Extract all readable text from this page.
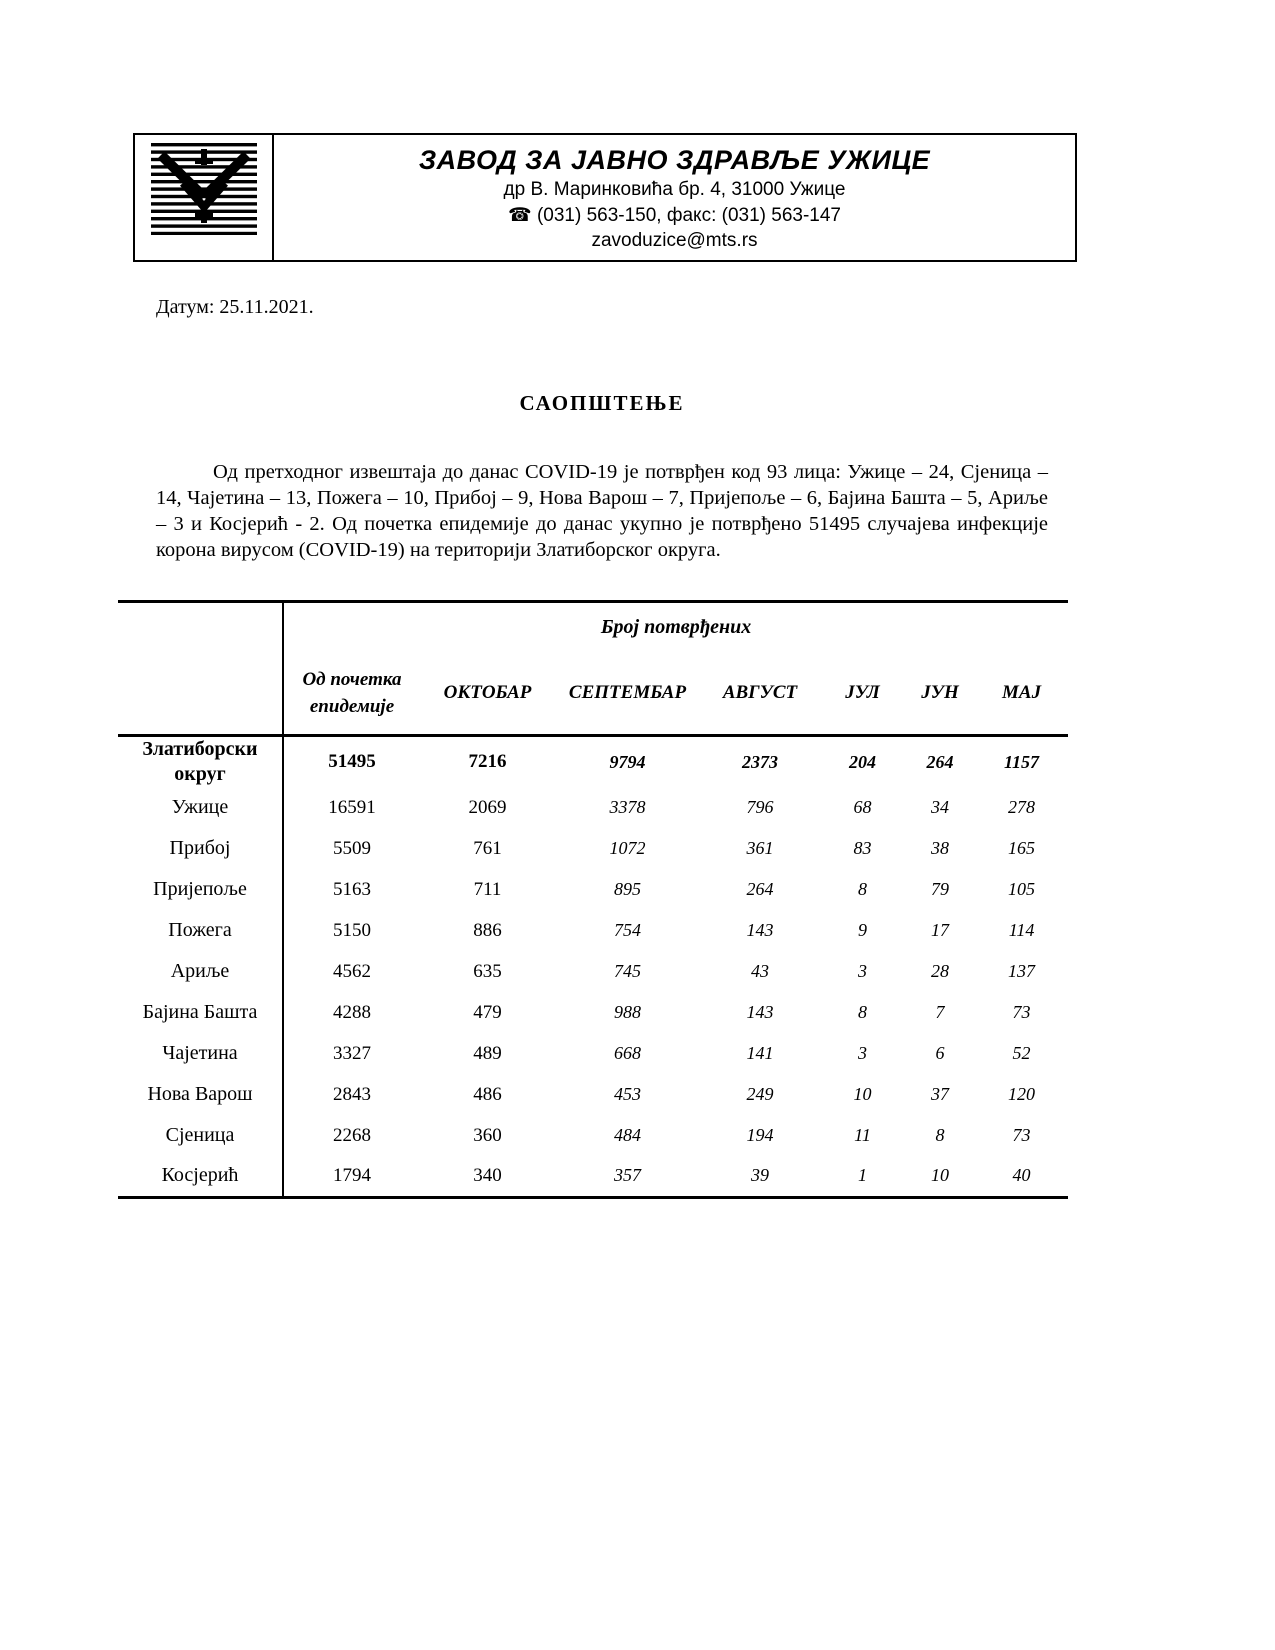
ЗАВОД ЗА ЈАВНО ЗДРАВЉЕ УЖИЦЕ
др В. Маринковића бр. 4, 31000 Ужице
☎ (031) 563-150, факс: (031) 563-147
zavoduzice@mts.rs
Датум: 25.11.2021.
САОПШТЕЊЕ

Од претходног извештаја до данас COVID-19 је потврђен код 93 лица: Ужице – 24, Сјеница – 14, Чајетина – 13, Пожега – 10, Прибој – 9, Нова Варош – 7, Пријепоље – 6, Бајина Башта – 5, Ариље – 3 и Косјерић - 2. Од почетка епидемије до данас укупно је потврђено 51495 случајева инфекције корона вирусом (COVID-19) на територији Златиборског округа.

	Број потврђених						
	Од почетка епидемије	ОКТОБАР	СЕПТЕМБАР	АВГУСТ	ЈУЛ	ЈУН	МАЈ
Златиборски округ	51495	7216	9794	2373	204	264	1157
Ужице	16591	2069	3378	796	68	34	278
Прибој	5509	761	1072	361	83	38	165
Пријепоље	5163	711	895	264	8	79	105
Пожега	5150	886	754	143	9	17	114
Ариље	4562	635	745	43	3	28	137
Бајина Башта	4288	479	988	143	8	7	73
Чајетина	3327	489	668	141	3	6	52
Нова Варош	2843	486	453	249	10	37	120
Сјеница	2268	360	484	194	11	8	73
Косјерић	1794	340	357	39	1	10	40
